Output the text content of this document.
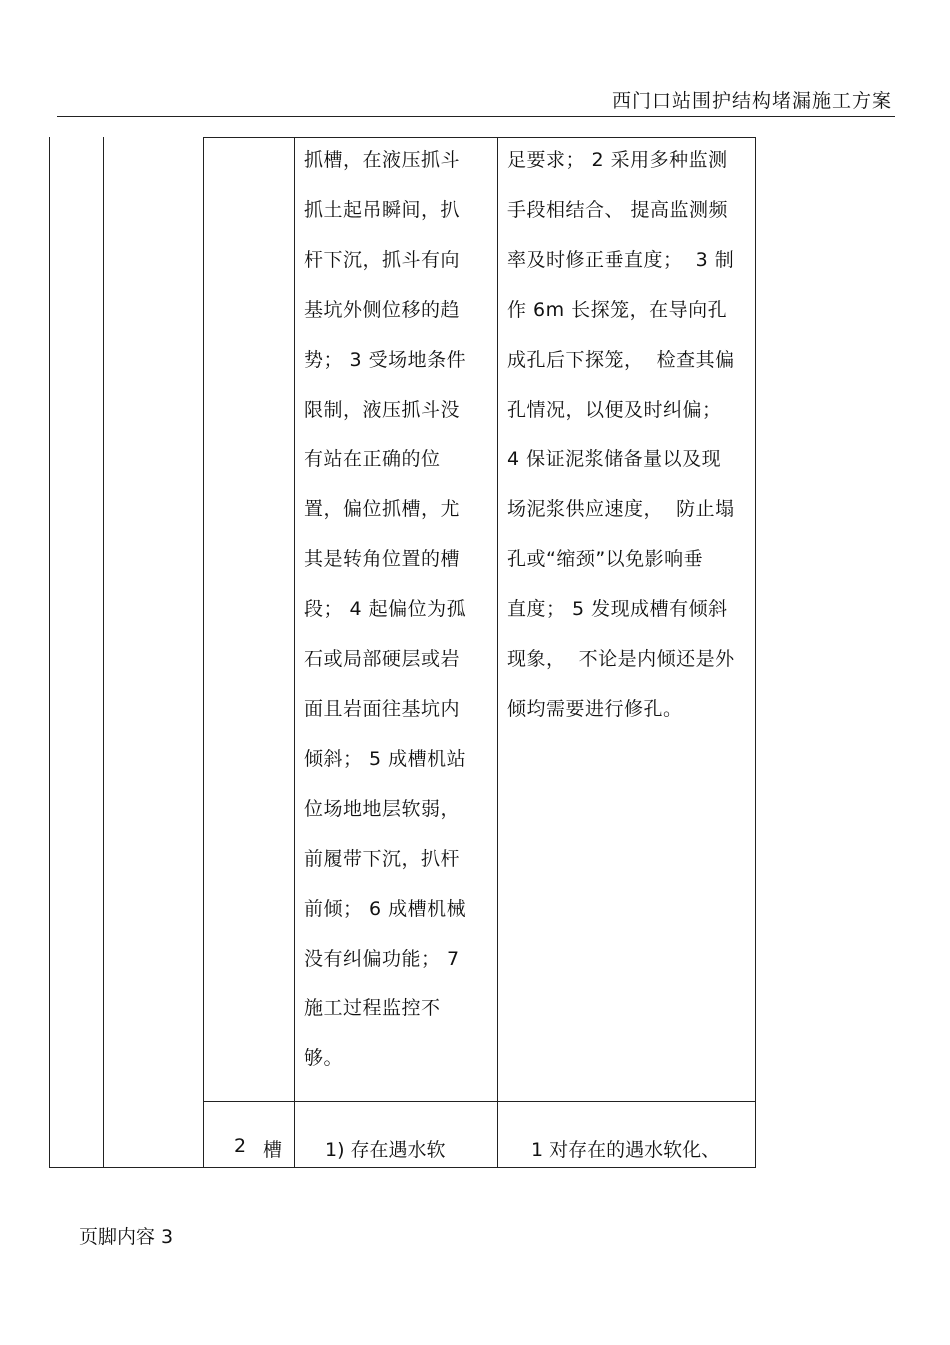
西门口站围护结构堵漏施工方案
抓槽，在液压抓斗
抓土起吊瞬间，扒
杆下沉，抓斗有向
基坑外侧位移的趋
势； 3 受场地条件
限制，液压抓斗没
有站在正确的位
置，偏位抓槽，尤
其是转角位置的槽
段； 4 起偏位为孤
石或局部硬层或岩
面且岩面往基坑内
倾斜； 5 成槽机站
位场地地层软弱，
前履带下沉，扒杆
前倾； 6 成槽机械
没有纠偏功能； 7
施工过程监控不
够。
足要求； 2 采用多种监测
手段相结合、 提高监测频
率及时修正垂直度；  3 制
作 6m 长探笼，在导向孔
成孔后下探笼，  检查其偏
孔情况，以便及时纠偏；
4 保证泥浆储备量以及现
场泥浆供应速度，  防止塌
孔或“缩颈”以免影响垂
直度； 5 发现成槽有倾斜
现象，  不论是内倾还是外
倾均需要进行修孔。
2 槽 1) 存在遇水软	1 对存在的遇水软化、
页脚内容 3
